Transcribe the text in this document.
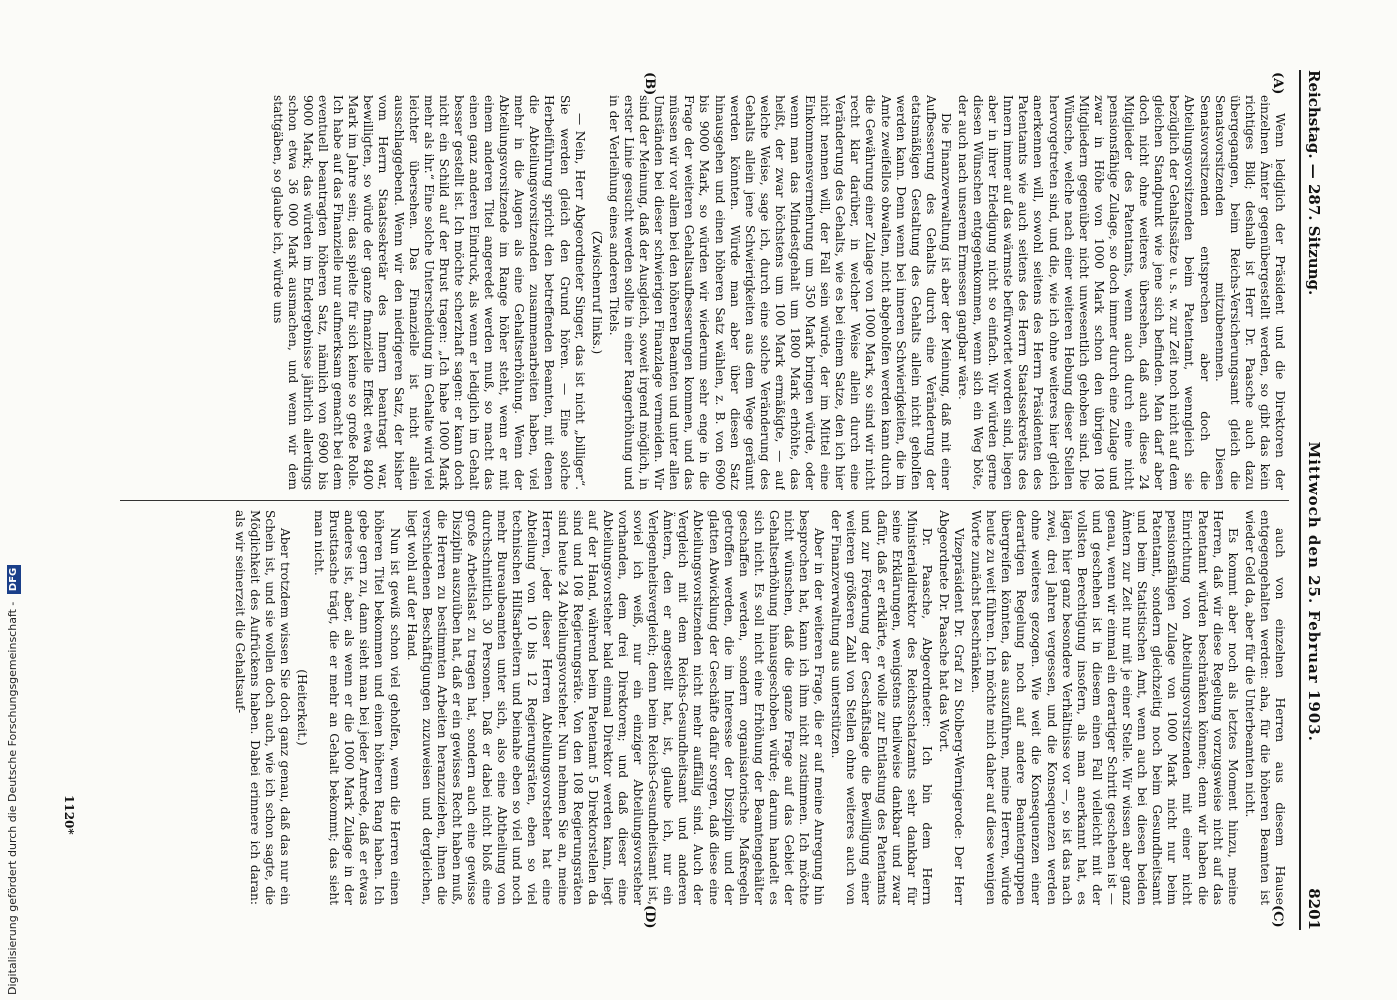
Reichstag. — 287. Sitzung.
Mittwoch den 25. Februar 1903.
8201
(A)
(B)
(C)
(D)

Wenn lediglich der Präsident und die Direktoren der einzelnen Ämter gegenübergestellt werden, so gibt das kein richtiges Bild; deshalb ist Herr Dr. Paasche auch dazu übergegangen, beim Reichs-Versicherungsamt gleich die Senatsvorsitzenden mitzubenennen. Diesen Senatsvorsitzenden entsprechen aber doch die Abteilungsvorsitzenden beim Patentamt, wenngleich sie bezüglich der Gehaltssätze u. s. w. zur Zeit noch nicht auf dem gleichen Standpunkt wie jene sich befinden. Man darf aber doch nicht ohne weiteres übersehen, daß auch diese 24 Mitglieder des Patentamts, wenn auch durch eine nicht pensionsfähige Zulage, so doch immer durch eine Zulage und zwar in Höhe von 1000 Mark schon den übrigen 108 Mitgliedern gegenüber nicht unwesentlich gehoben sind. Die Wünsche, welche nach einer weiteren Hebung dieser Stellen hervorgetreten sind, und die, wie ich ohne weiteres hier gleich anerkennen will, sowohl seitens des Herrn Präsidenten des Patentamts wie auch seitens des Herrn Staatssekretärs des Innern immer auf das wärmste befürwortet worden sind, liegen aber in ihrer Erledigung nicht so einfach. Wir würden gerne diesen Wünschen entgegenkommen, wenn sich ein Weg böte, der auch nach unserem Ermessen gangbar wäre.

Die Finanzverwaltung ist aber der Meinung, daß mit einer Aufbesserung des Gehalts durch eine Veränderung der etatsmäßigen Gestaltung des Gehalts allein nicht geholfen werden kann. Denn wenn bei inneren Schwierigkeiten, die im Amte zweifellos obwalten, nicht abgeholfen werden kann durch die Gewährung einer Zulage von 1000 Mark, so sind wir nicht recht klar darüber, in welcher Weise allein durch eine Veränderung des Gehalts, wie es bei einem Satze, den ich hier nicht nennen will, der Fall sein würde, der im Mittel eine Einkommensvermehrung um 350 Mark bringen würde, oder wenn man das Mindestgehalt um 1800 Mark erhöhte, das heißt, der zwar höchstens um 100 Mark ermäßigte, — auf welche Weise, sage ich, durch eine solche Veränderung des Gehalts allein jene Schwierigkeiten aus dem Wege geräumt werden könnten. Würde man aber über diesen Satz hinausgehen und einen höheren Satz wählen, z. B. von 6900 bis 9000 Mark, so würden wir wiederum sehr enge in die Frage der weiteren Gehaltsaufbesserungen kommen, und das müssen wir vor allem bei den höheren Beamten und unter allen Umständen bei dieser schwierigen Finanzlage vermeiden. Wir sind der Meinung, daß der Ausgleich, soweit irgend möglich, in erster Linie gesucht werden sollte in einer Rangerhöhung und in der Verleihung eines anderen Titels.

(Zwischenruf links.)

— Nein, Herr Abgeordneter Singer, das ist nicht „billiger“. Sie werden gleich den Grund hören. — Eine solche Herbeiführung spricht den betreffenden Beamten, mit denen die Abteilungsvorsitzenden zusammenarbeiten haben, viel mehr in die Augen als eine Gehaltserhöhung. Wenn der Abteilungsvorsitzende im Range höher steht, wenn er mit einem anderen Titel angeredet werden muß, so macht das einen ganz anderen Eindruck, als wenn er lediglich im Gehalt besser gestellt ist. Ich möchte scherzhaft sagen: er kann doch nicht ein Schild auf der Brust tragen: „Ich habe 1000 Mark mehr als ihr.“ Eine solche Unterscheidung im Gehalte wird viel leichter übersehen. Das Finanzielle ist nicht allein ausschlaggebend. Wenn wir den niedrigeren Satz, der bisher vom Herrn Staatssekretär des Innern beantragt war, bewilligten, so würde der ganze finanzielle Effekt etwa 8400 Mark im Jahre sein; das spielte für sich keine so große Rolle. Ich habe auf das Finanzielle nur aufmerksam gemacht bei dem eventuell beantragten höheren Satz, nämlich von 6900 bis 9000 Mark; das würden im Endergebnisse jährlich allerdings schon etwa 36 000 Mark ausmachen, und wenn wir dem stattgäben, so glaube ich, würde uns

auch von einzelnen Herren aus diesem Hause entgegengehalten werden: aha, für die höheren Beamten ist wieder Geld da, aber für die Unterbeamten nicht.

Es kommt aber noch als letztes Moment hinzu, meine Herren, daß wir diese Regelung vorzugsweise nicht auf das Patentamt würden beschränken können; denn wir haben die Einrichtung von Abteilungsvorsitzenden mit einer nicht pensionsfähigen Zulage von 1000 Mark nicht nur beim Patentamt, sondern gleichzeitig noch beim Gesundheitsamt und beim Statistischen Amt, wenn auch bei diesen beiden Ämtern zur Zeit nur mit je einer Stelle. Wir wissen aber ganz genau, wenn wir einmal ein derartiger Schritt geschehen ist — und geschehen ist in diesem einen Fall vielleicht mit der vollsten Berechtigung insofern, als man anerkannt hat, es lägen hier ganz besondere Verhältnisse vor —, so ist das nach zwei, drei Jahren vergessen, und die Konsequenzen werden ohne weiteres gezogen. Wie weit die Konsequenzen einer derartigen Regelung noch auf andere Beamtengruppen übergreifen könnten, das auszuführen, meine Herren, würde heute zu weit führen. Ich möchte mich daher auf diese wenigen Worte zunächst beschränken.

Vizepräsident Dr. Graf zu Stolberg-Wernigerode: Der Herr Abgeordnete Dr. Paasche hat das Wort.

Dr. Paasche, Abgeordneter: Ich bin dem Herrn Ministerialdirektor des Reichsschatzamts sehr dankbar für seine Erklärungen, wenigstens theilweise dankbar und zwar dafür, daß er erklärte, er wolle zur Entlastung des Patentamts und zur Förderung der Geschäftslage die Bewilligung einer weiteren größeren Zahl von Stellen ohne weiteres auch von der Finanzverwaltung aus unterstützen.

Aber in der weiteren Frage, die er auf meine Anregung hin besprochen hat, kann ich ihm nicht zustimmen. Ich möchte nicht wünschen, daß die ganze Frage auf das Gebiet der Gehaltserhöhung hinausgeschoben würde; darum handelt es sich nicht. Es soll nicht eine Erhöhung der Beamtengehälter geschaffen werden, sondern organisatorische Maßregeln getroffen werden, die im Interesse der Disziplin und der glatten Abwicklung der Geschäfte dafür sorgen, daß diese eine Abteilungsvorsitzenden nicht mehr auffällig sind. Auch der Vergleich mit dem Reichs-Gesundheitsamt und anderen Ämtern, den er angestellt hat, ist, glaube ich, nur ein Verlegenheitsvergleich; denn beim Reichs-Gesundheitsamt ist, soviel ich weiß, nur ein einziger Abteilungsvorsteher vorhanden, dem drei Direktoren; und daß dieser eine Abteilungsvorsteher bald einmal Direktor werden kann, liegt auf der Hand, während beim Patentamt 5 Direktorstellen da sind und 108 Regierungsräte. Von den 108 Regierungsräten sind heute 24 Abteilungsvorsteher. Nun nehmen Sie an, meine Herren, jeder dieser Herren Abteilungsvorsteher hat eine Abteilung von 10 bis 12 Regierungsräten, eben so viel technischen Hilfsarbeitern und beinahe eben so viel und noch mehr Bureaubeamten unter sich, also eine Abtheilung von durchschnittlich 30 Personen. Daß er dabei nicht bloß eine große Arbeitslast zu tragen hat, sondern auch eine gewisse Disziplin auszuüben hat, daß er ein gewisses Recht haben muß, die Herren zu bestimmten Arbeiten heranzuziehen, ihnen die verschiedenen Beschäftigungen zuzuweisen und dergleichen, liegt wohl auf der Hand.

Nun ist gewiß schon viel geholfen, wenn die Herren einen höheren Titel bekommen und einen höheren Rang haben. Ich gebe gern zu, dann sieht man bei jeder Anrede, daß er etwas anderes ist, aber, als wenn er die 1000 Mark Zulage in der Brusttasche trägt, die er mehr an Gehalt bekommt; das sieht man nicht.

(Heiterkeit.)

Aber trotzdem wissen Sie doch ganz genau, daß das nur ein Schein ist, und sie wollen doch auch, wie ich schon sagte, die Möglichkeit des Aufrückens haben. Dabei erinnere ich daran: als wir seinerzeit die Gehaltsauf-

1120*
Digitalisierung gefördert durch die Deutsche Forschungsgemeinschaft - DFG
